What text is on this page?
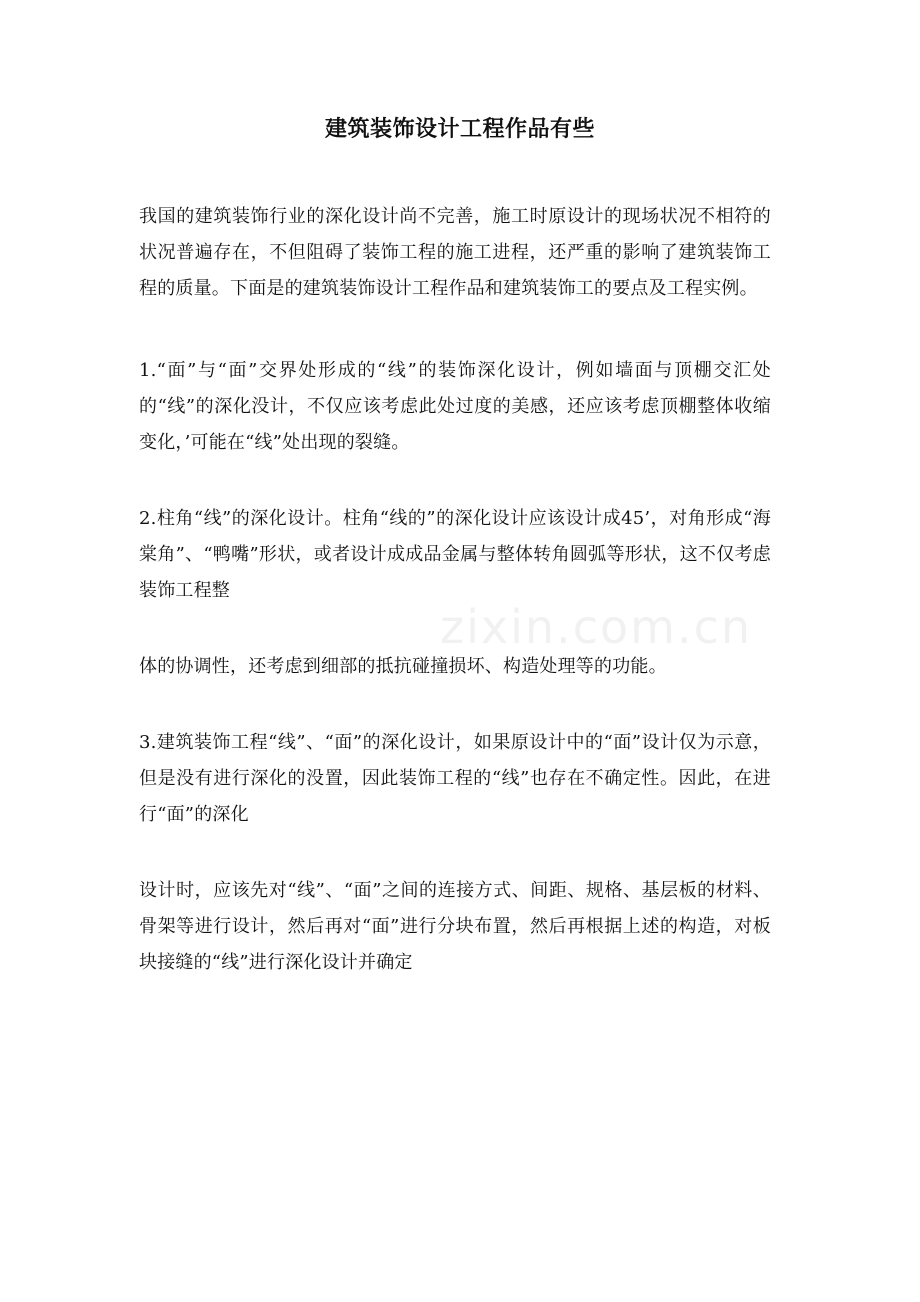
zixin.com.cn
建筑装饰设计工程作品有些

我国的建筑装饰行业的深化设计尚不完善，施工时原设计的现场状况不相符的状况普遍存在，不但阻碍了装饰工程的施工进程，还严重的影响了建筑装饰工程的质量。下面是的建筑装饰设计工程作品和建筑装饰工的要点及工程实例。

1.“面”与“面”交界处形成的“线”的装饰深化设计，例如墙面与顶棚交汇处的“线”的深化没计，不仅应该考虑此处过度的美感，还应该考虑顶棚整体收缩变化，’可能在“线”处出现的裂缝。

2.柱角“线”的深化设计。柱角“线的”的深化设计应该设计成45’，对角形成“海棠角”、“鸭嘴”形状，或者设计成成品金属与整体转角圆弧等形状，这不仅考虑装饰工程整

体的协调性，还考虑到细部的抵抗碰撞损坏、构造处理等的功能。

3.建筑装饰工程“线”、“面”的深化设计，如果原设计中的“面”设计仅为示意，但是没有进行深化的没置，因此装饰工程的“线”也存在不确定性。因此，在进行“面”的深化

设计时，应该先对“线”、“面”之间的连接方式、间距、规格、基层板的材料、骨架等进行设计，然后再对“面”进行分块布置，然后再根据上述的构造，对板块接缝的“线”进行深化设计并确定
